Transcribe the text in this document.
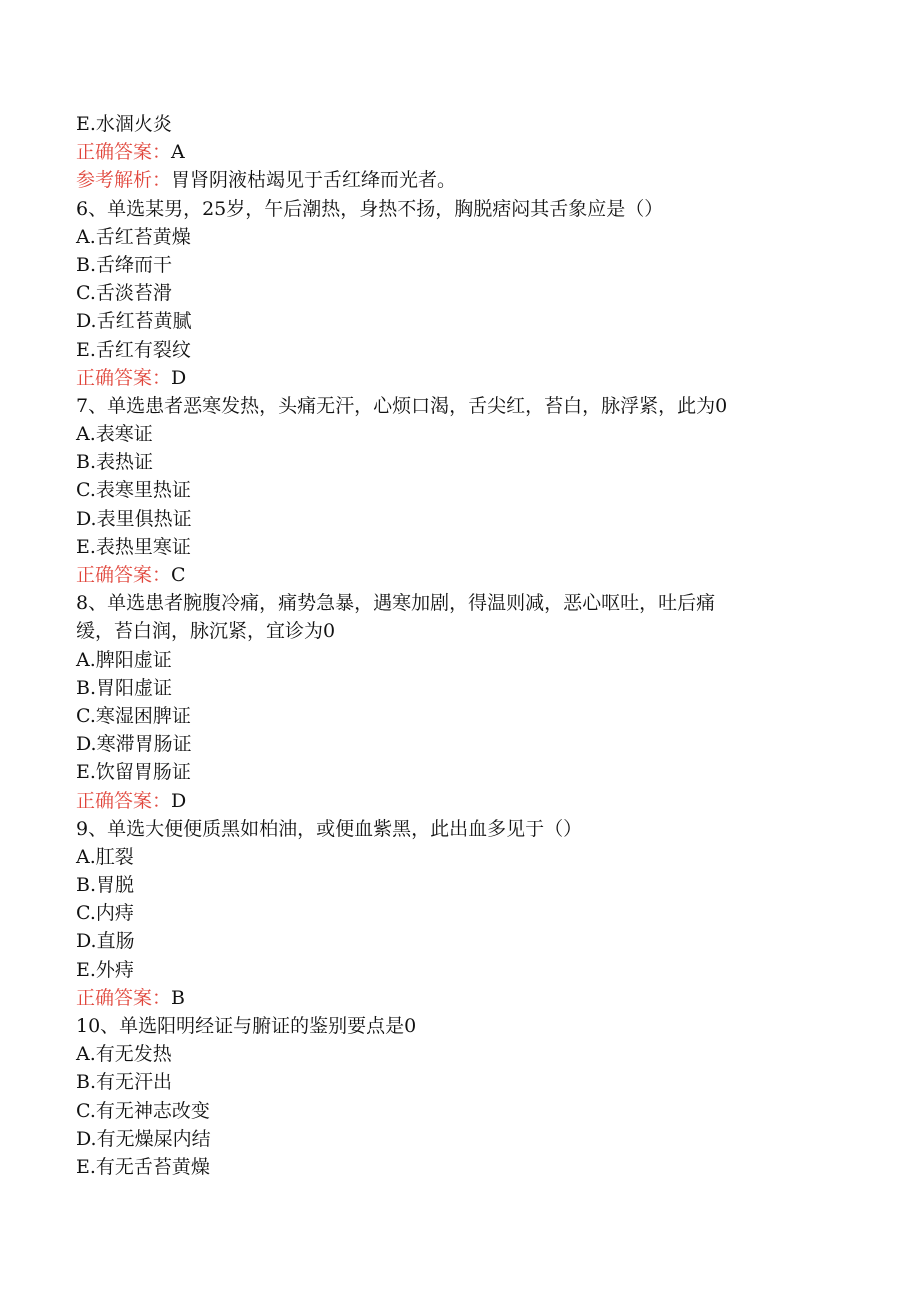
E.水涸火炎
正确答案：A
参考解析：胃肾阴液枯竭见于舌红绛而光者。
6、单选某男，25岁，午后潮热，身热不扬，胸脱痞闷其舌象应是（）
A.舌红苔黄燥
B.舌绛而干
C.舌淡苔滑
D.舌红苔黄腻
E.舌红有裂纹
正确答案：D
7、单选患者恶寒发热，头痛无汗，心烦口渴，舌尖红，苔白，脉浮紧，此为0
A.表寒证
B.表热证
C.表寒里热证
D.表里俱热证
E.表热里寒证
正确答案：C
8、单选患者腕腹冷痛，痛势急暴，遇寒加剧，得温则减，恶心呕吐，吐后痛
缓，苔白润，脉沉紧，宜诊为0
A.脾阳虚证
B.胃阳虚证
C.寒湿困脾证
D.寒滞胃肠证
E.饮留胃肠证
正确答案：D
9、单选大便便质黑如柏油，或便血紫黑，此出血多见于（）
A.肛裂
B.胃脱
C.内痔
D.直肠
E.外痔
正确答案：B
10、单选阳明经证与腑证的鉴别要点是0
A.有无发热
B.有无汗出
C.有无神志改变
D.有无燥屎内结
E.有无舌苔黄燥
